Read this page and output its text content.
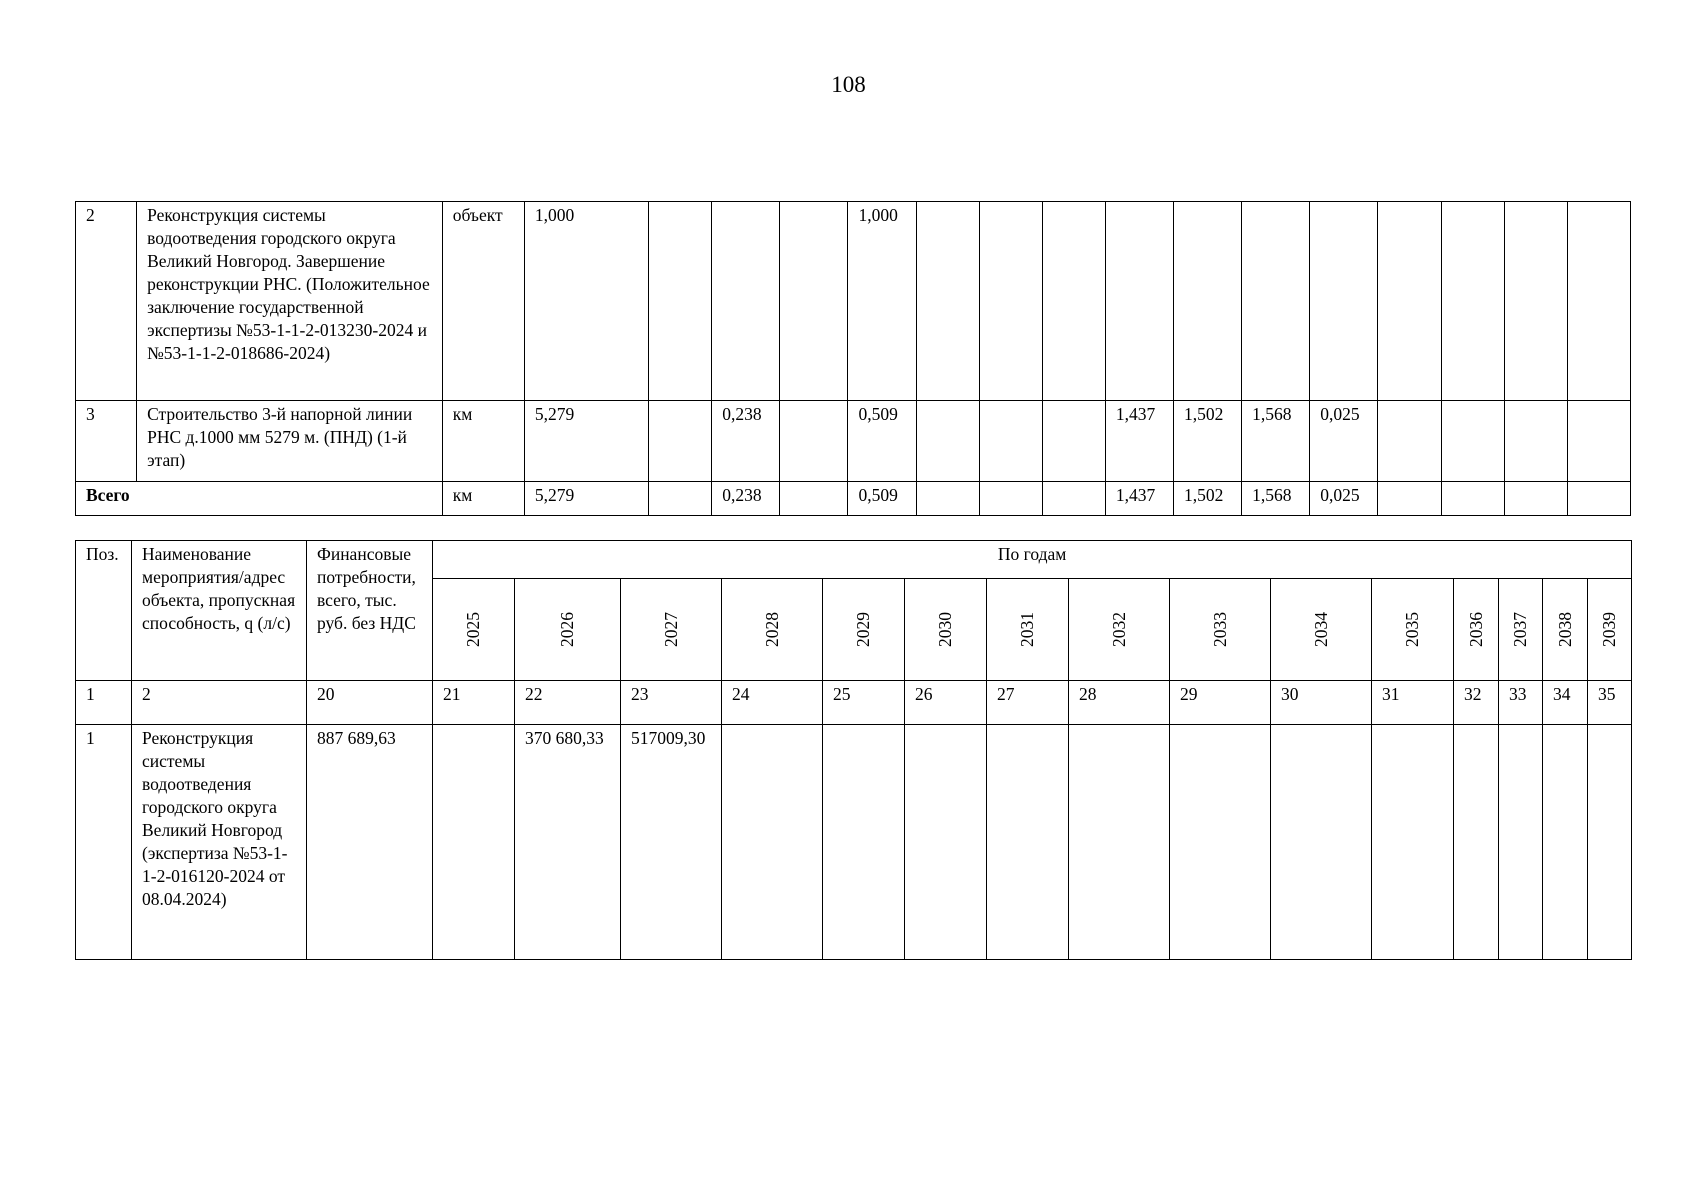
108
2	Реконструкция системы водоотведения городского округа Великий Новгород. Завершение реконструкции РНС. (Положительное заключение государственной экспертизы №53-1-1-2-013230-2024 и №53-1-1-2-018686-2024)	объект	1,000				1,000											
3	Строительство 3-й напорной линии РНС д.1000 мм 5279 м. (ПНД) (1-й этап)	км	5,279		0,238		0,509				1,437	1,502	1,568	0,025				
Всего		км	5,279		0,238		0,509				1,437	1,502	1,568	0,025				
Поз.	Наименование мероприятия/адрес объекта, пропускная способность, q (л/с)	Финансовые потребности, всего, тыс. руб. без НДС	По годам														
			2025	2026	2027	2028	2029	2030	2031	2032	2033	2034	2035	2036	2037	2038	2039
1	2	20	21	22	23	24	25	26	27	28	29	30	31	32	33	34	35
1	Реконструкция системы водоотведения городского округа Великий Новгород (экспертиза №53-1-1-2-016120-2024 от 08.04.2024)	887 689,63		370 680,33	517009,30												
